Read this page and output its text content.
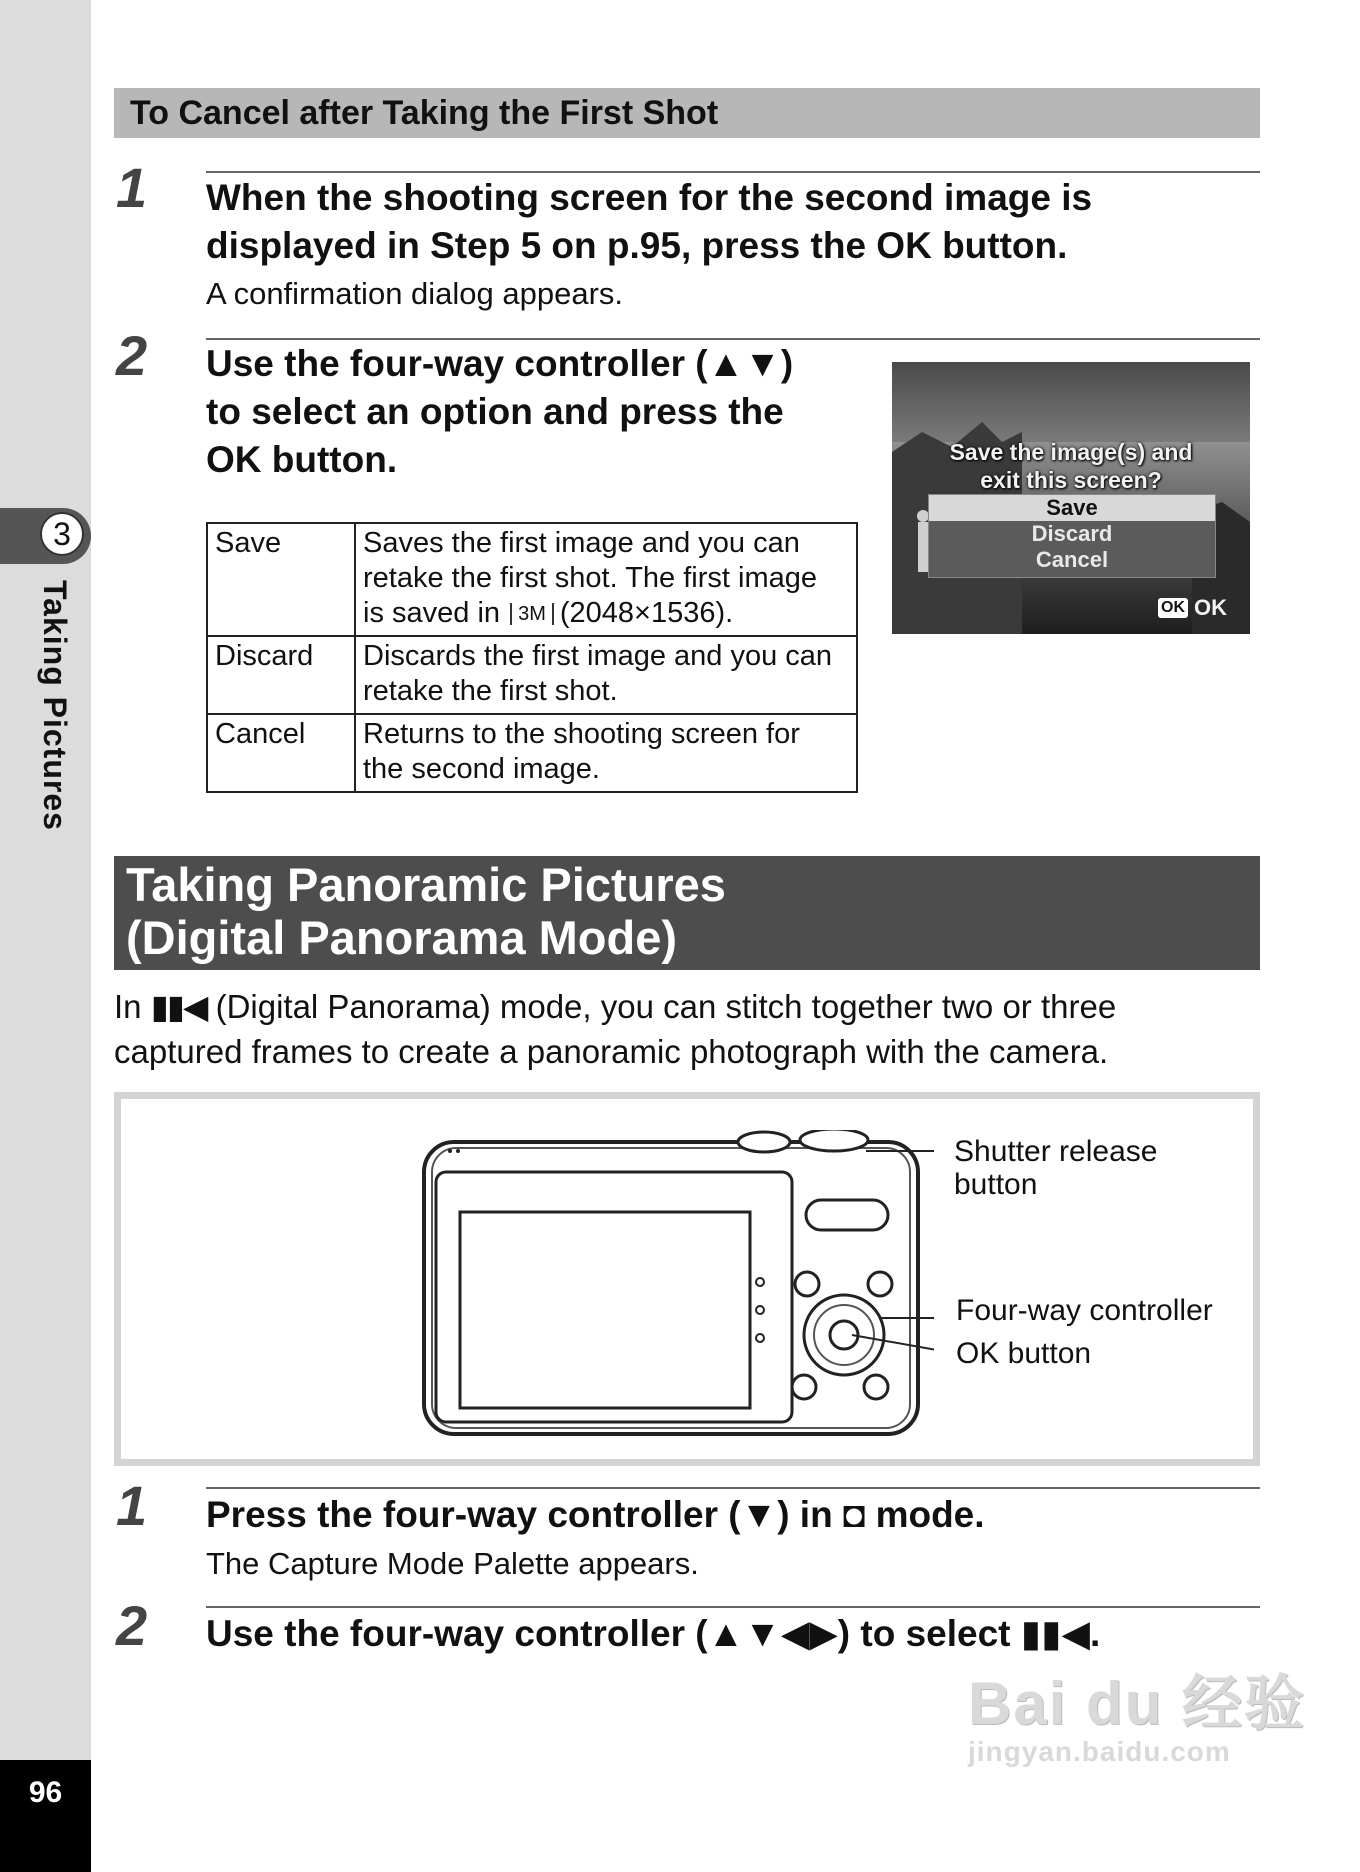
3
Taking Pictures
96
To Cancel after Taking the First Shot
1 When the shooting screen for the second image is
displayed in Step 5 on p.95, press the OK button.
A confirmation dialog appears.
2 Use the four-way controller (▲▼)
to select an option and press the
OK button.
Save	Saves the first image and you can
retake the first shot. The first image
is saved in 3M (2048×1536).

Discard	Discards the first image and you can
retake the first shot.

Cancel	Returns to the shooting screen for
the second image.
Save the image(s) and
exit this screen?
Save
Discard
Cancel
OK OK
Taking Panoramic Pictures
(Digital Panorama Mode)
In ▮▮◀ (Digital Panorama) mode, you can stitch together two or three
captured frames to create a panoramic photograph with the camera.
Shutter release
button
Four-way controller
OK button
1 Press the four-way controller (▼) in ◘ mode.
The Capture Mode Palette appears.
2 Use the four-way controller (▲▼◀▶) to select ▮▮◀.
Bai du 经验
jingyan.baidu.com
